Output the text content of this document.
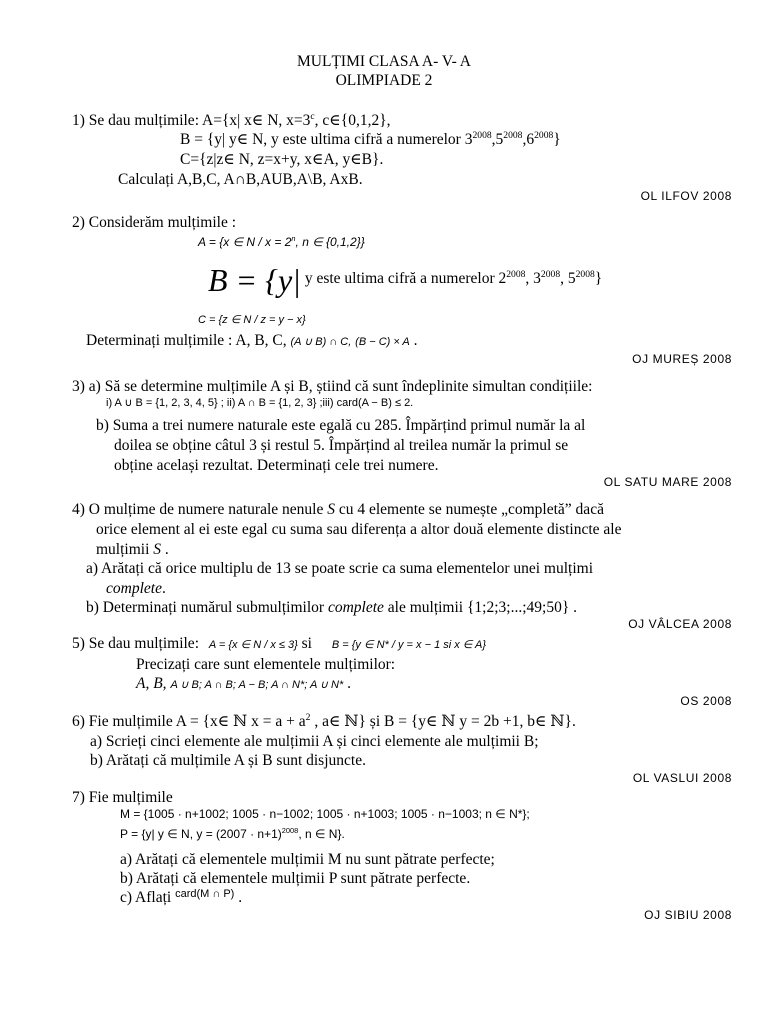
MULȚIMI CLASA A- V- A
OLIMPIADE 2
1) Se dau mulțimile: A={x| x∈ N, $x=3^c$, c∈{0,1,2},
B = {y| y∈ N, y este ultima cifră a numerelor $3^{2008},5^{2008},6^{2008}$}
C={z|z∈ N, z=x+y, x∈A, y∈B}.
Calculați A,B,C, A∩B,AUB,A\B, AxB.
OL ILFOV 2008
2) Considerăm mulțimile :
A = {x ∈ $N / x = 2^n$, n ∈ {0,1,2}}
B = {y| y este ultima cifră a numerelor $2^{2008}$, $3^{2008}$, $5^{2008}$}
C = {z ∈ N / z = y − x}
Determinați mulțimile : A, B, C, (A ∪ B) ∩ C, (B − C) × A .
OJ MUREȘ 2008
3) a) Să se determine mulțimile A și B, știind că sunt îndeplinite simultan condițiile:
i) A ∪ B = {1, 2, 3, 4, 5} ; ii) A ∩ B = {1, 2, 3} ;iii) card(A − B) ≤ 2.
b) Suma a trei numere naturale este egală cu 285. Împărțind primul număr la al
doilea se obține câtul 3 și restul 5. Împărțind al treilea număr la primul se
obține același rezultat. Determinați cele trei numere.
OL SATU MARE 2008
4) O mulțime de numere naturale nenule S cu 4 elemente se numește „completă” dacă
orice element al ei este egal cu suma sau diferența a altor două elemente distincte ale
mulțimii S .
a) Arătați că orice multiplu de 13 se poate scrie ca suma elementelor unei mulțimi
complete.
b) Determinați numărul submulțimilor complete ale mulțimii {1;2;3;...;49;50} .
OJ VÂLCEA 2008
5) Se dau mulțimile: A = {x ∈ N / x ≤ 3} si B = {y ∈ N* / y = x − 1 si x ∈ A}
Precizați care sunt elementele mulțimilor:
A, B, A ∪ B; A ∩ B; A − B; A ∩ N*; A ∪ N* .
OS 2008
6) Fie mulțimile A = {x∈ ℕ $x = a + a^2$ , a∈ ℕ} și B = {y∈ ℕ y = 2b +1, b∈ ℕ}.
a) Scrieți cinci elemente ale mulțimii A și cinci elemente ale mulțimii B;
b) Arătați că mulțimile A și B sunt disjuncte.
OL VASLUI 2008
7) Fie mulțimile
M = {1005 · n+1002; 1005 · n−1002; 1005 · n+1003; 1005 · n−1003; n ∈ N*};
P = {y| y ∈ N, $y = (2007 \cdot n+1)^{2008}$, n ∈ N}.
a) Arătați că elementele mulțimii M nu sunt pătrate perfecte;
b) Arătați că elementele mulțimii P sunt pătrate perfecte.
c) Aflați $^{card(M \cap P)}$ .
OJ SIBIU 2008
